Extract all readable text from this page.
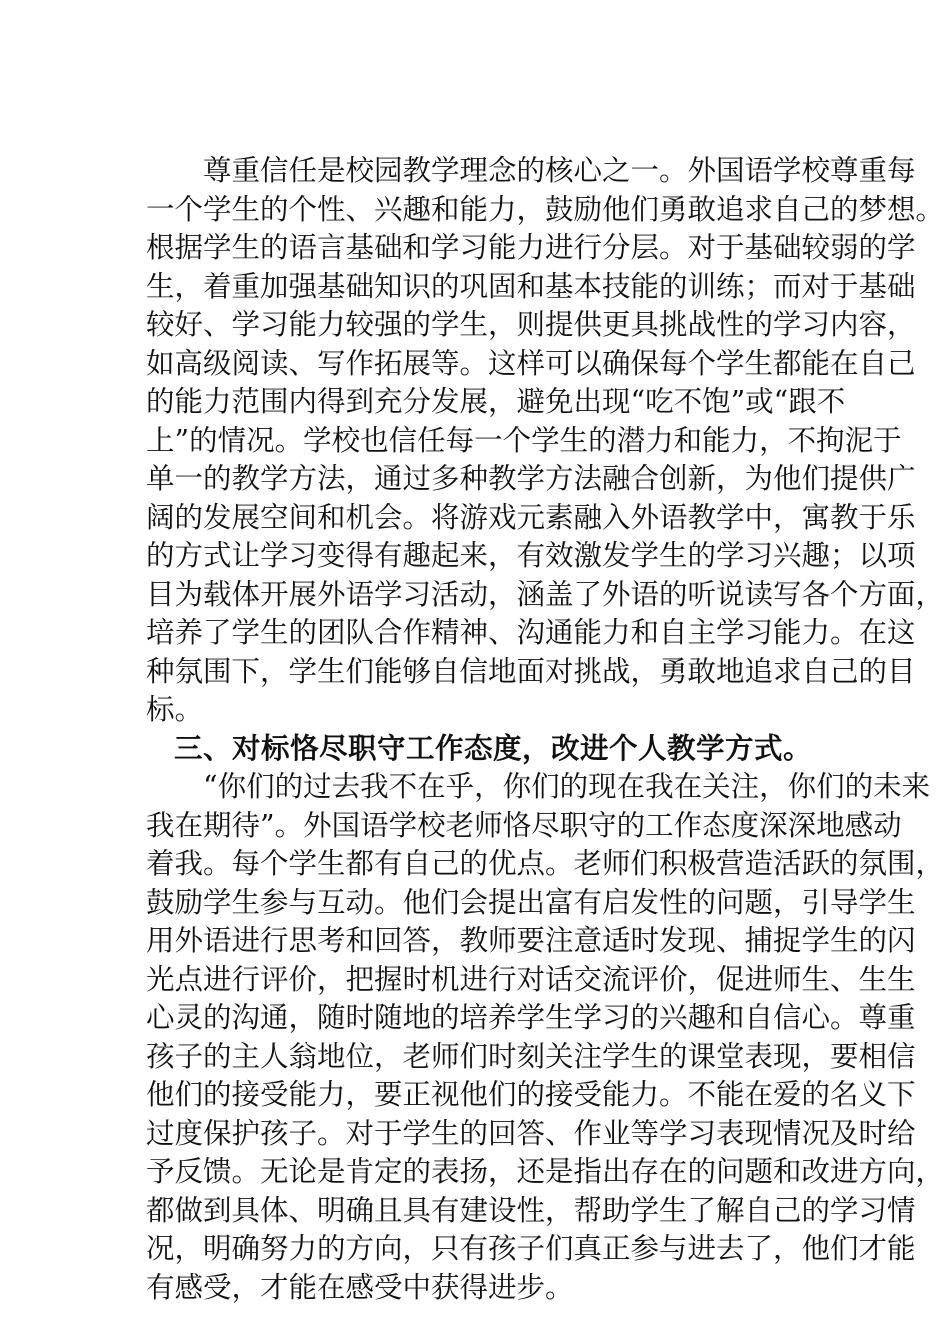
　　尊重信任是校园教学理念的核心之一。外国语学校尊重每
一个学生的个性、兴趣和能力，鼓励他们勇敢追求自己的梦想。
根据学生的语言基础和学习能力进行分层。对于基础较弱的学
生，着重加强基础知识的巩固和基本技能的训练；而对于基础
较好、学习能力较强的学生，则提供更具挑战性的学习内容，
如高级阅读、写作拓展等。这样可以确保每个学生都能在自己
的能力范围内得到充分发展，避免出现“吃不饱”或“跟不
上”的情况。学校也信任每一个学生的潜力和能力，不拘泥于
单一的教学方法，通过多种教学方法融合创新，为他们提供广
阔的发展空间和机会。将游戏元素融入外语教学中，寓教于乐
的方式让学习变得有趣起来，有效激发学生的学习兴趣；以项
目为载体开展外语学习活动，涵盖了外语的听说读写各个方面，
培养了学生的团队合作精神、沟通能力和自主学习能力。在这
种氛围下，学生们能够自信地面对挑战，勇敢地追求自己的目
标。
三、对标恪尽职守工作态度，改进个人教学方式。
　　“你们的过去我不在乎，你们的现在我在关注，你们的未来
我在期待”。外国语学校老师恪尽职守的工作态度深深地感动
着我。每个学生都有自己的优点。老师们积极营造活跃的氛围，
鼓励学生参与互动。他们会提出富有启发性的问题，引导学生
用外语进行思考和回答，教师要注意适时发现、捕捉学生的闪
光点进行评价，把握时机进行对话交流评价，促进师生、生生
心灵的沟通，随时随地的培养学生学习的兴趣和自信心。尊重
孩子的主人翁地位，老师们时刻关注学生的课堂表现，要相信
他们的接受能力，要正视他们的接受能力。不能在爱的名义下
过度保护孩子。对于学生的回答、作业等学习表现情况及时给
予反馈。无论是肯定的表扬，还是指出存在的问题和改进方向，
都做到具体、明确且具有建设性，帮助学生了解自己的学习情
况，明确努力的方向，只有孩子们真正参与进去了，他们才能
有感受，才能在感受中获得进步。
